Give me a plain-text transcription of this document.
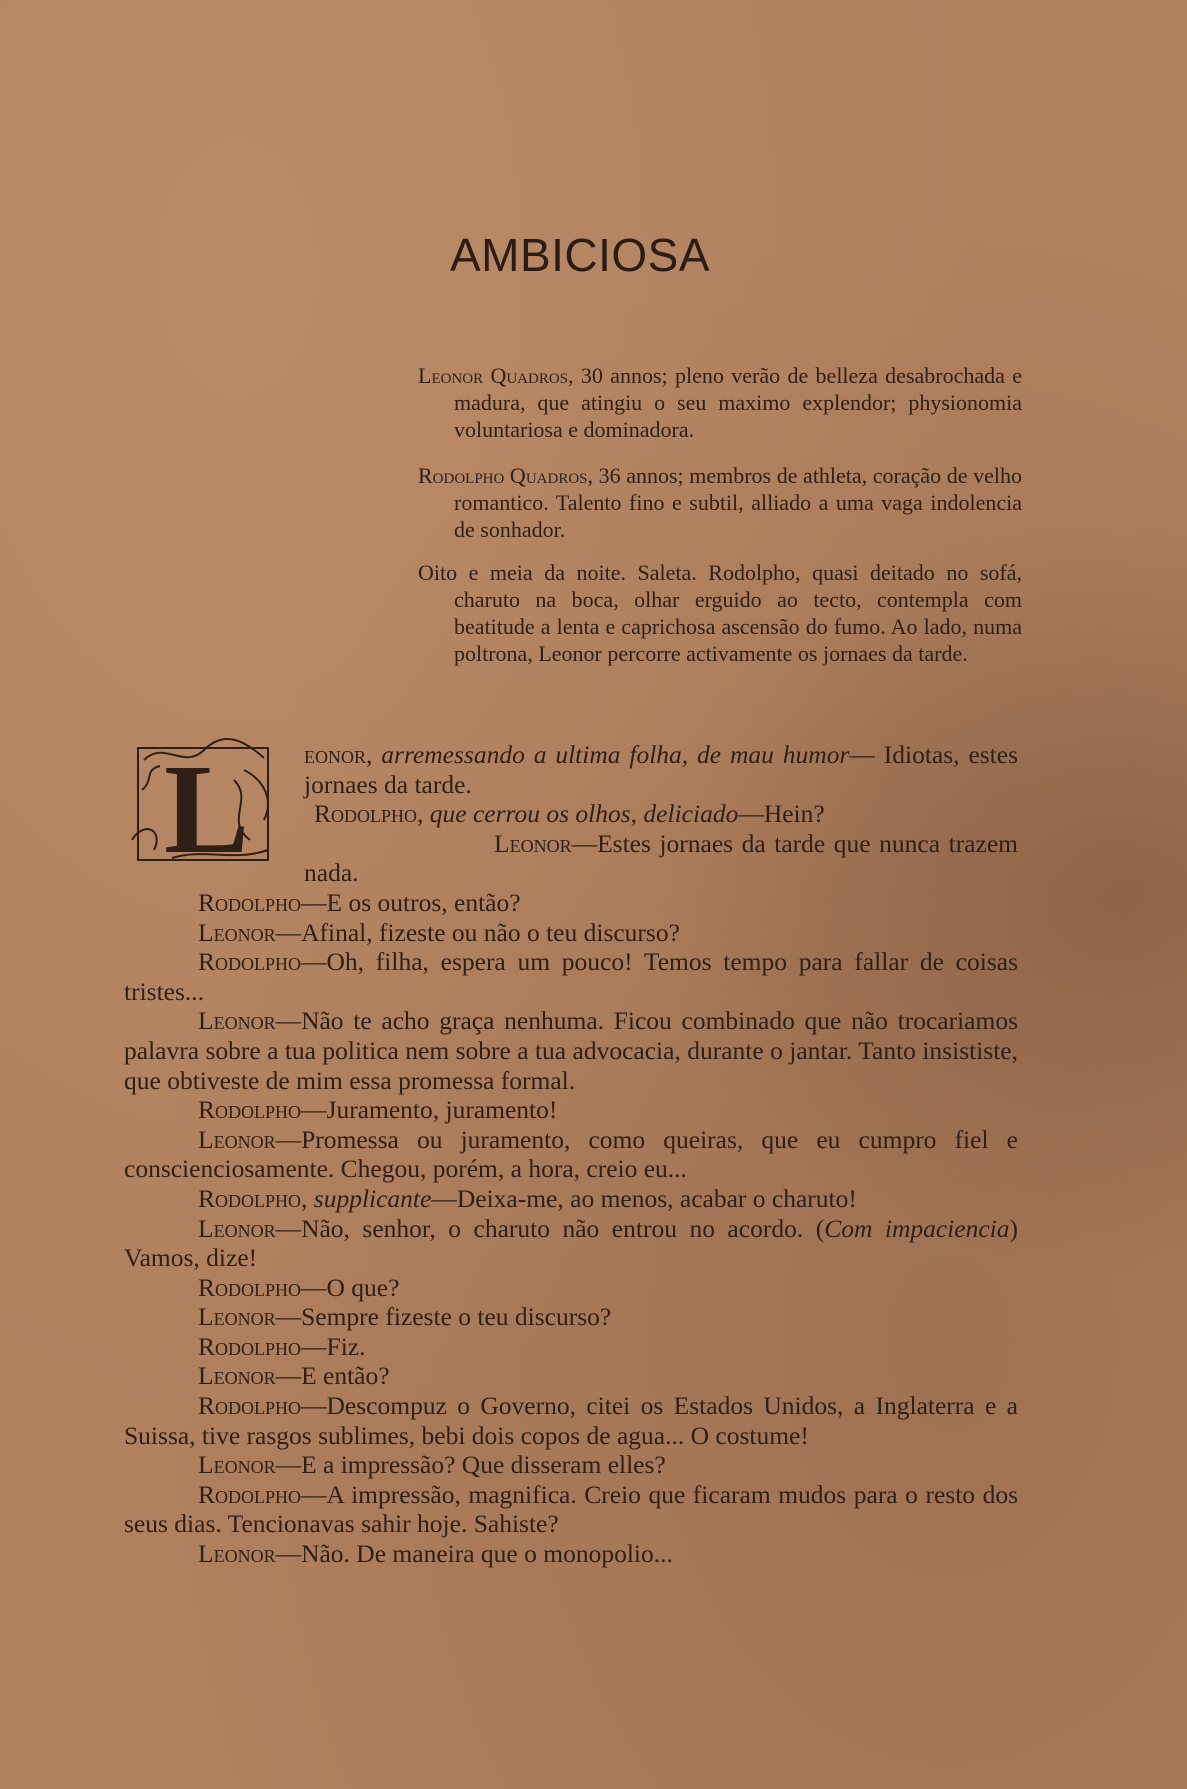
AMBICIOSA

Leonor Quadros, 30 annos; pleno verão de belleza desabrochada e madura, que atingiu o seu maximo explendor; physionomia voluntariosa e dominadora.

Rodolpho Quadros, 36 annos; membros de athleta, coração de velho romantico. Talento fino e subtil, alliado a uma vaga indolencia de sonhador.

Oito e meia da noite. Saleta. Rodolpho, quasi deitado no sofá, charuto na boca, olhar erguido ao tecto, contempla com beatitude a lenta e caprichosa ascensão do fumo. Ao lado, numa poltrona, Leonor percorre activamente os jornaes da tarde.

L eonor, arremessando a ultima folha, de mau humor— Idiotas, estes jornaes da tarde.

Rodolpho, que cerrou os olhos, deliciado—Hein?

Leonor—Estes jornaes da tarde que nunca trazem nada.

Rodolpho—E os outros, então?

Leonor—Afinal, fizeste ou não o teu discurso?

Rodolpho—Oh, filha, espera um pouco! Temos tempo para fallar de coisas tristes...

Leonor—Não te acho graça nenhuma. Ficou combinado que não trocariamos palavra sobre a tua politica nem sobre a tua advocacia, durante o jantar. Tanto insististe, que obtiveste de mim essa promessa formal.

Rodolpho—Juramento, juramento!

Leonor—Promessa ou juramento, como queiras, que eu cumpro fiel e conscienciosamente. Chegou, porém, a hora, creio eu...

Rodolpho, supplicante—Deixa-me, ao menos, acabar o charuto!

Leonor—Não, senhor, o charuto não entrou no acordo. (Com impaciencia) Vamos, dize!

Rodolpho—O que?

Leonor—Sempre fizeste o teu discurso?

Rodolpho—Fiz.

Leonor—E então?

Rodolpho—Descompuz o Governo, citei os Estados Unidos, a Inglaterra e a Suissa, tive rasgos sublimes, bebi dois copos de agua... O costume!

Leonor—E a impressão? Que disseram elles?

Rodolpho—A impressão, magnifica. Creio que ficaram mudos para o resto dos seus dias. Tencionavas sahir hoje. Sahiste?

Leonor—Não. De maneira que o monopolio...
